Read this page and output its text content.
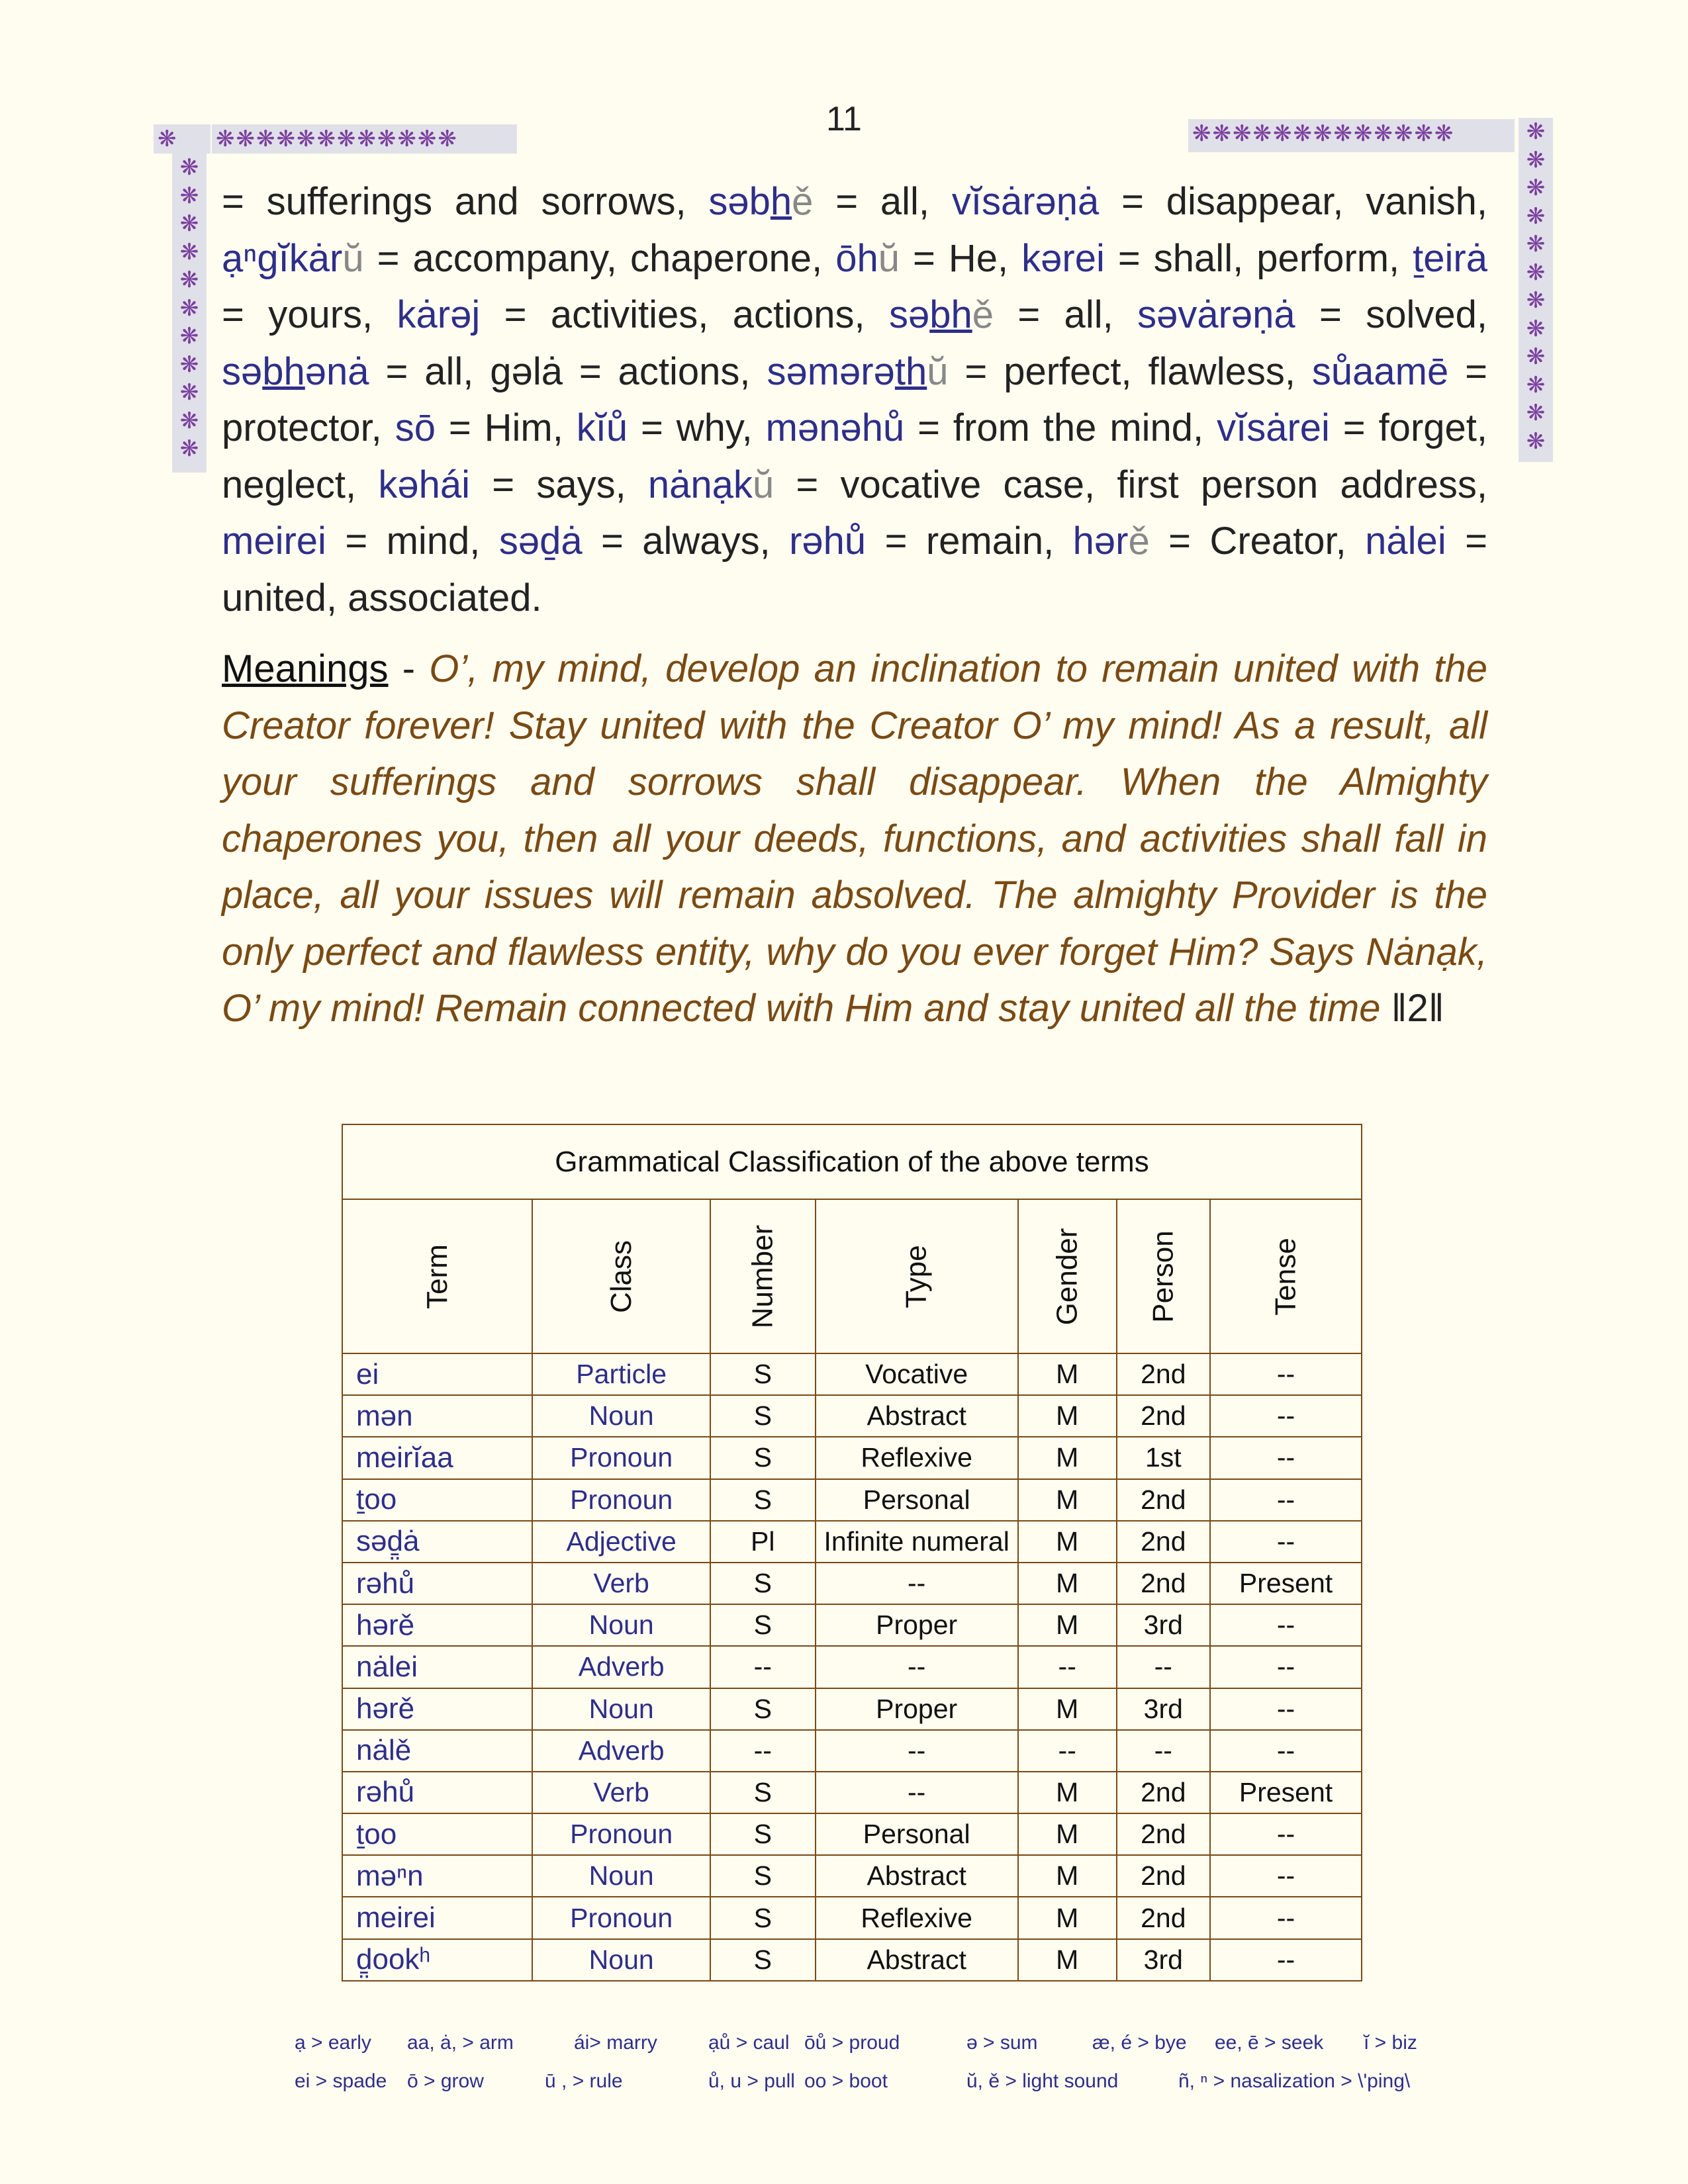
11
❋	❋❋❋❋❋❋❋❋❋❋❋❋
❋❋❋❋❋❋❋❋❋❋❋
❋❋❋❋❋❋❋❋❋❋❋❋❋	❋❋❋❋❋❋❋❋❋❋❋❋
= sufferings and sorrows, səbhě = all, vĭsȧrəṇȧ = disappear, vanish, ạⁿgĭkȧrŭ = accompany, chaperone, ōhŭ = He, kərei = shall, perform, ṯeirȧ = yours, kȧrəj = activities, actions, səbhě = all, səvȧrəṇȧ = solved, səbhənȧ = all, gəlȧ = actions, səmərəthŭ = perfect, flawless, sůaamē = protector, sō = Him, kĭů = why, mənəhů = from the mind, vĭsȧrei = forget, neglect, kəhái = says, nȧnạkŭ = vocative case, first person address, meirei = mind, səḏȧ = always, rəhů = remain, hərě = Creator, nȧlei = united, associated.
Meanings - O’, my mind, develop an inclination to remain united with the Creator forever! Stay united with the Creator O’ my mind! As a result, all your sufferings and sorrows shall disappear. When the Almighty chaperones you, then all your deeds, functions, and activities shall fall in place, all your issues will remain absolved. The almighty Provider is the only perfect and flawless entity, why do you ever forget Him? Says Nȧnạk, O’ my mind! Remain connected with Him and stay united all the time ǁ2ǁ
Grammatical Classification of the above terms						
Term	Class	Number	Type	Gender	Person	Tense
ei	Particle	S	Vocative	M	2nd	--
mən	Noun	S	Abstract	M	2nd	--
meirĭaa	Pronoun	S	Reflexive	M	1st	--
ṯoo	Pronoun	S	Personal	M	2nd	--
səḏ̤ȧ	Adjective	Pl	Infinite numeral	M	2nd	--
rəhů	Verb	S	--	M	2nd	Present
hərě	Noun	S	Proper	M	3rd	--
nȧlei	Adverb	--	--	--	--	--
hərě	Noun	S	Proper	M	3rd	--
nȧlě	Adverb	--	--	--	--	--
rəhů	Verb	S	--	M	2nd	Present
ṯoo	Pronoun	S	Personal	M	2nd	--
məⁿn	Noun	S	Abstract	M	2nd	--
meirei	Pronoun	S	Reflexive	M	2nd	--
ḏ̤ookʰ	Noun	S	Abstract	M	3rd	--
ạ > early aa, ȧ, > arm	ái> marry	ạů > caul ōů > proud	ə > sum	æ, é > bye ee, ē > seek ĭ > biz
ei > spade ō > grow	ū , > rule	ů, u > pull oo > boot	ŭ, ě > light sound	ñ, ⁿ > nasalization > \'ping\
